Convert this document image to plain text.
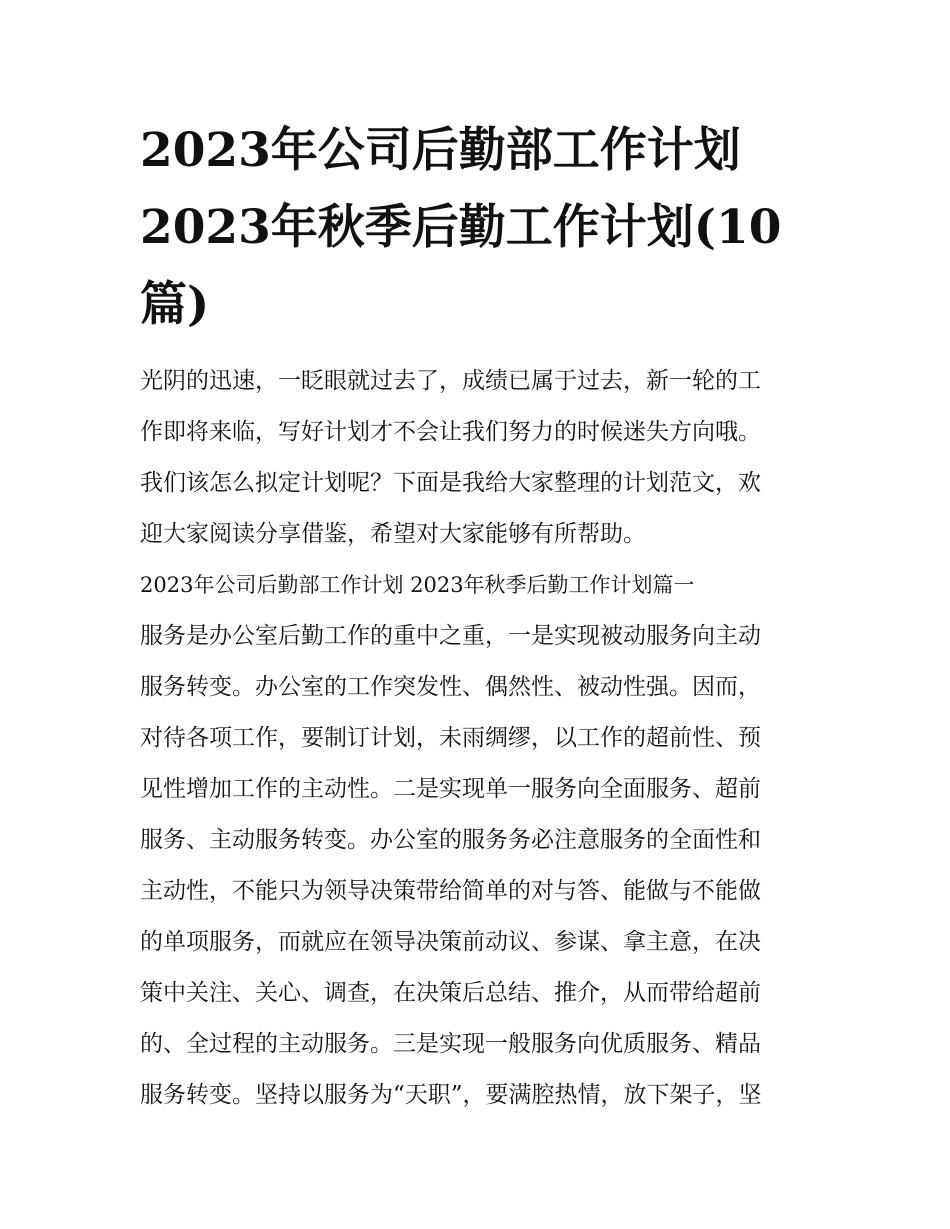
2023年公司后勤部工作计划
2023年秋季后勤工作计划(10
篇)
光阴的迅速，一眨眼就过去了，成绩已属于过去，新一轮的工
作即将来临，写好计划才不会让我们努力的时候迷失方向哦。
我们该怎么拟定计划呢？下面是我给大家整理的计划范文，欢
迎大家阅读分享借鉴，希望对大家能够有所帮助。
2023年公司后勤部工作计划 2023年秋季后勤工作计划篇一
服务是办公室后勤工作的重中之重，一是实现被动服务向主动
服务转变。办公室的工作突发性、偶然性、被动性强。因而，
对待各项工作，要制订计划，未雨绸缪，以工作的超前性、预
见性增加工作的主动性。二是实现单一服务向全面服务、超前
服务、主动服务转变。办公室的服务务必注意服务的全面性和
主动性，不能只为领导决策带给简单的对与答、能做与不能做
的单项服务，而就应在领导决策前动议、参谋、拿主意，在决
策中关注、关心、调查，在决策后总结、推介，从而带给超前
的、全过程的主动服务。三是实现一般服务向优质服务、精品
服务转变。坚持以服务为“天职”，要满腔热情，放下架子，坚
